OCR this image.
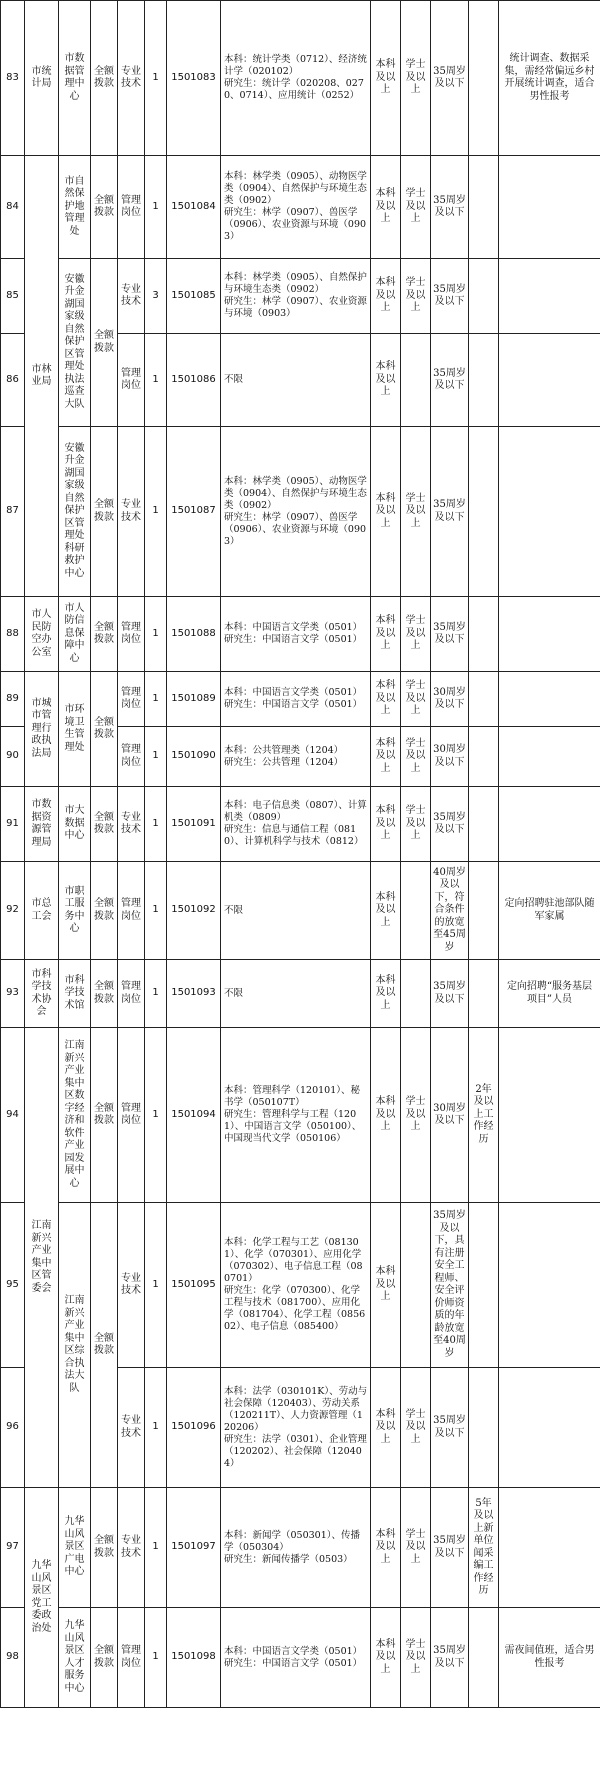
83	市统计局	市数据管理中心	全额拨款	专业技术	1	1501083	本科：统计学类（0712）、经济统计学（020102）
研究生：统计学（020208、0270、0714）、应用统计（0252）	本科及以上	学士及以上	35周岁及以下		统计调查、数据采集，需经常偏远乡村开展统计调查，适合男性报考
84	市林业局	市自然保护地管理处	全额拨款	管理岗位	1	1501084	本科：林学类（0905）、动物医学类（0904）、自然保护与环境生态类（0902）
研究生：林学（0907）、兽医学（0906）、农业资源与环境（0903）	本科及以上	学士及以上	35周岁及以下		
85		安徽升金湖国家级自然保护区管理处执法巡查大队	全额拨款	专业技术	3	1501085	本科：林学类（0905）、自然保护与环境生态类（0902）
研究生：林学（0907）、农业资源与环境（0903）	本科及以上	学士及以上	35周岁及以下		
86				管理岗位	1	1501086	不限	本科及以上		35周岁及以下		
87		安徽升金湖国家级自然保护区管理处科研救护中心	全额拨款	专业技术	1	1501087	本科：林学类（0905）、动物医学类（0904）、自然保护与环境生态类（0902）
研究生：林学（0907）、兽医学（0906）、农业资源与环境（0903）	本科及以上	学士及以上	35周岁及以下		
88	市人民防空办公室	市人防信息保障中心	全额拨款	管理岗位	1	1501088	本科：中国语言文学类（0501）
研究生：中国语言文学（0501）	本科及以上	学士及以上	35周岁及以下		
89	市城市管理行政执法局	市环境卫生管理处	全额拨款	管理岗位	1	1501089	本科：中国语言文学类（0501）
研究生：中国语言文学（0501）	本科及以上	学士及以上	30周岁及以下		
90				管理岗位	1	1501090	本科：公共管理类（1204）
研究生：公共管理（1204）	本科及以上	学士及以上	30周岁及以下		
91	市数据资源管理局	市大数据中心	全额拨款	专业技术	1	1501091	本科：电子信息类（0807）、计算机类（0809）
研究生：信息与通信工程（0810）、计算机科学与技术（0812）	本科及以上	学士及以上	35周岁及以下		
92	市总工会	市职工服务中心	全额拨款	管理岗位	1	1501092	不限	本科及以上		40周岁及以下，符合条件的放宽至45周岁		定向招聘驻池部队随军家属
93	市科学技术协会	市科学技术馆	全额拨款	管理岗位	1	1501093	不限	本科及以上		35周岁及以下		定向招聘“服务基层项目”人员
94	江南新兴产业集中区管委会	江南新兴产业集中区数字经济和软件产业园发展中心	全额拨款	管理岗位	1	1501094	本科：管理科学（120101）、秘书学（050107T）
研究生：管理科学与工程（1201）、中国语言文学（050100）、中国现当代文学（050106）	本科及以上	学士及以上	30周岁及以下	2年及以上工作经历	
95		江南新兴产业集中区综合执法大队	全额拨款	专业技术	1	1501095	本科：化学工程与工艺（081301）、化学（070301）、应用化学（070302）、电子信息工程（080701）
研究生：化学（070300）、化学工程与技术（081700）、应用化学（081704）、化学工程（085602）、电子信息（085400）	本科及以上		35周岁及以下，具有注册安全工程师、安全评价师资质的年龄放宽至40周岁		
96				专业技术	1	1501096	本科：法学（030101K）、劳动与社会保障（120403）、劳动关系（120211T）、人力资源管理（120206）
研究生：法学（0301）、企业管理（120202）、社会保障（120404）	本科及以上	学士及以上	35周岁及以下		
97	九华山风景区党工委政治处	九华山风景区广电中心	全额拨款	专业技术	1	1501097	本科：新闻学（050301）、传播学（050304）
研究生：新闻传播学（0503）	本科及以上	学士及以上	35周岁及以下	5年及以上新单位闻采编工作经历	
98		九华山风景区人才服务中心	全额拨款	管理岗位	1	1501098	本科：中国语言文学类（0501）
研究生：中国语言文学（0501）	本科及以上	学士及以上	35周岁及以下		需夜间值班，适合男性报考
